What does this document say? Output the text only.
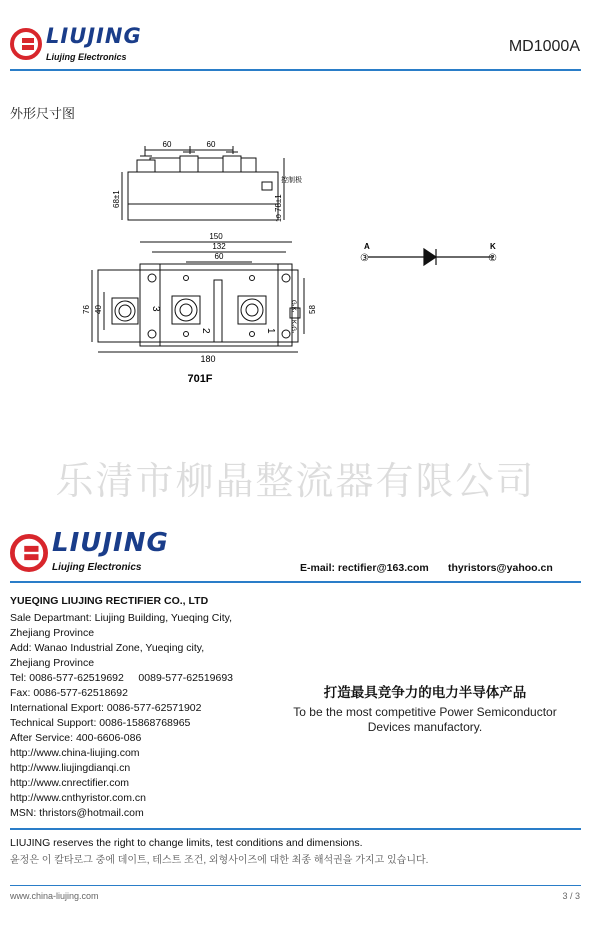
LIUJING
Liujing Electronics
MD1000A
外形尺寸图
60	60
68±1	78±1
10
控制极
150
132
60
180
76 40	58
3
2	1
G₁K₁
K₂G₂
701F
A
③
K
②
乐清市柳晶整流器有限公司
LIUJING
Liujing Electronics	E-mail: rectifier@163.com thyristors@yahoo.cn
YUEQING LIUJING RECTIFIER CO., LTD
Sale Departmant: Liujing Building, Yueqing City,
Zhejiang Province
Add: Wanao Industrial Zone, Yueqing city,
Zhejiang Province
Tel: 0086-577-62519692     0089-577-62519693
Fax: 0086-577-62518692
International Export: 0086-577-62571902
Technical Support: 0086-15868768965
After Service: 400-6606-086
http://www.china-liujing.com
http://www.liujingdianqi.cn
http://www.cnrectifier.com
http://www.cnthyristor.com.cn
MSN: thristors@hotmail.com
打造最具竞争力的电力半导体产品
To be the most competitive Power Semiconductor
Devices manufactory.
LIUJING reserves the right to change limits, test conditions and dimensions.
윤정은 이 칼타로그 중에 데이트, 테스트 조건, 외형사이즈에 대한 최종 해석권을 가지고 있습니다.
www.china-liujing.com	3 / 3
